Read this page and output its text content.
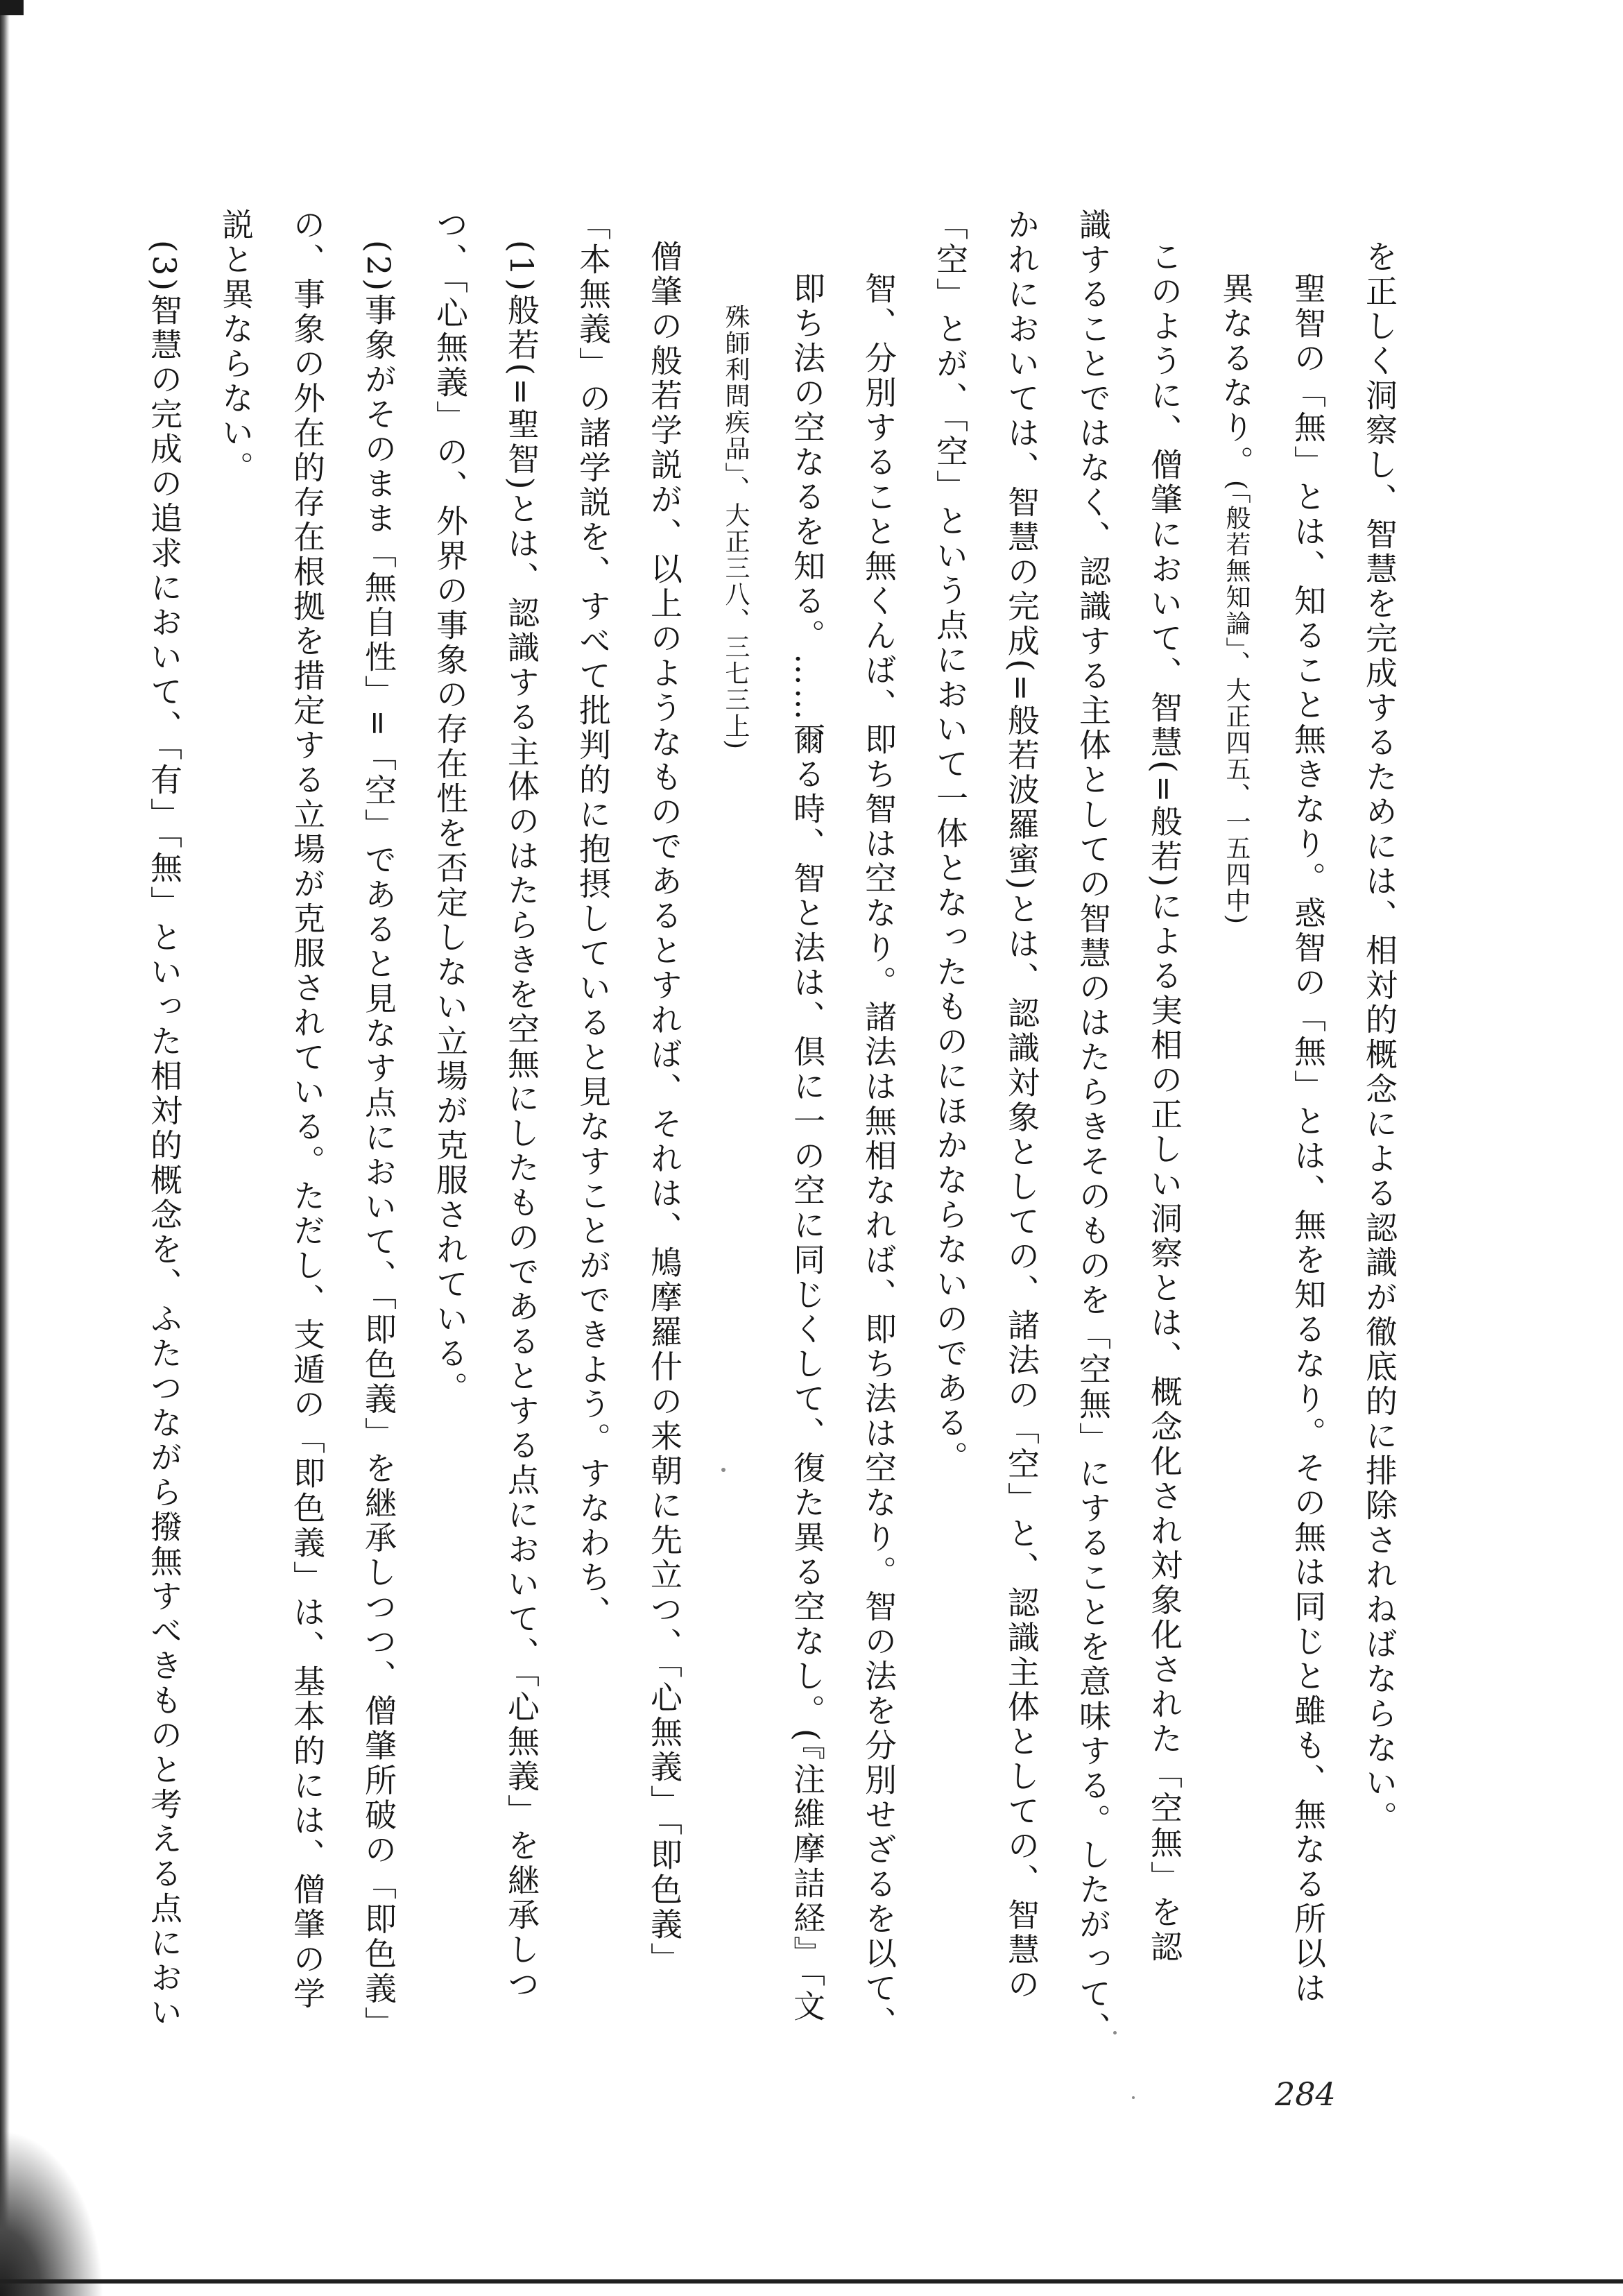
を正しく洞察し、智慧を完成するためには、相対的概念による認識が徹底的に排除されねばならない。
聖智の「無」とは、知ること無きなり。惑智の「無」とは、無を知るなり。その無は同じと雖も、無なる所以は
異なるなり。(「般若無知論」、大正四五、一五四中)
このように、僧肇において、智慧(=般若)による実相の正しい洞察とは、概念化され対象化された「空無」を認
識することではなく、認識する主体としての智慧のはたらきそのものを「空無」にすることを意味する。したがって、
かれにおいては、智慧の完成(=般若波羅蜜)とは、認識対象としての、諸法の「空」と、認識主体としての、智慧の
「空」とが、「空」という点において一体となったものにほかならないのである。
智、分別すること無くんば、即ち智は空なり。諸法は無相なれば、即ち法は空なり。智の法を分別せざるを以て、
即ち法の空なるを知る。……爾る時、智と法は、倶に一の空に同じくして、復た異る空なし。(『注維摩詰経』「文
殊師利問疾品」、大正三八、三七三上)
僧肇の般若学説が、以上のようなものであるとすれば、それは、鳩摩羅什の来朝に先立つ、「心無義」「即色義」
「本無義」の諸学説を、すべて批判的に抱摂していると見なすことができよう。すなわち、
(1)般若(=聖智)とは、認識する主体のはたらきを空無にしたものであるとする点において、「心無義」を継承しつ
つ、「心無義」の、外界の事象の存在性を否定しない立場が克服されている。
(2)事象がそのまま「無自性」=「空」であると見なす点において、「即色義」を継承しつつ、僧肇所破の「即色義」
の、事象の外在的存在根拠を措定する立場が克服されている。ただし、支遁の「即色義」は、基本的には、僧肇の学
説と異ならない。
(3)智慧の完成の追求において、「有」「無」といった相対的概念を、ふたつながら撥無すべきものと考える点におい
284
